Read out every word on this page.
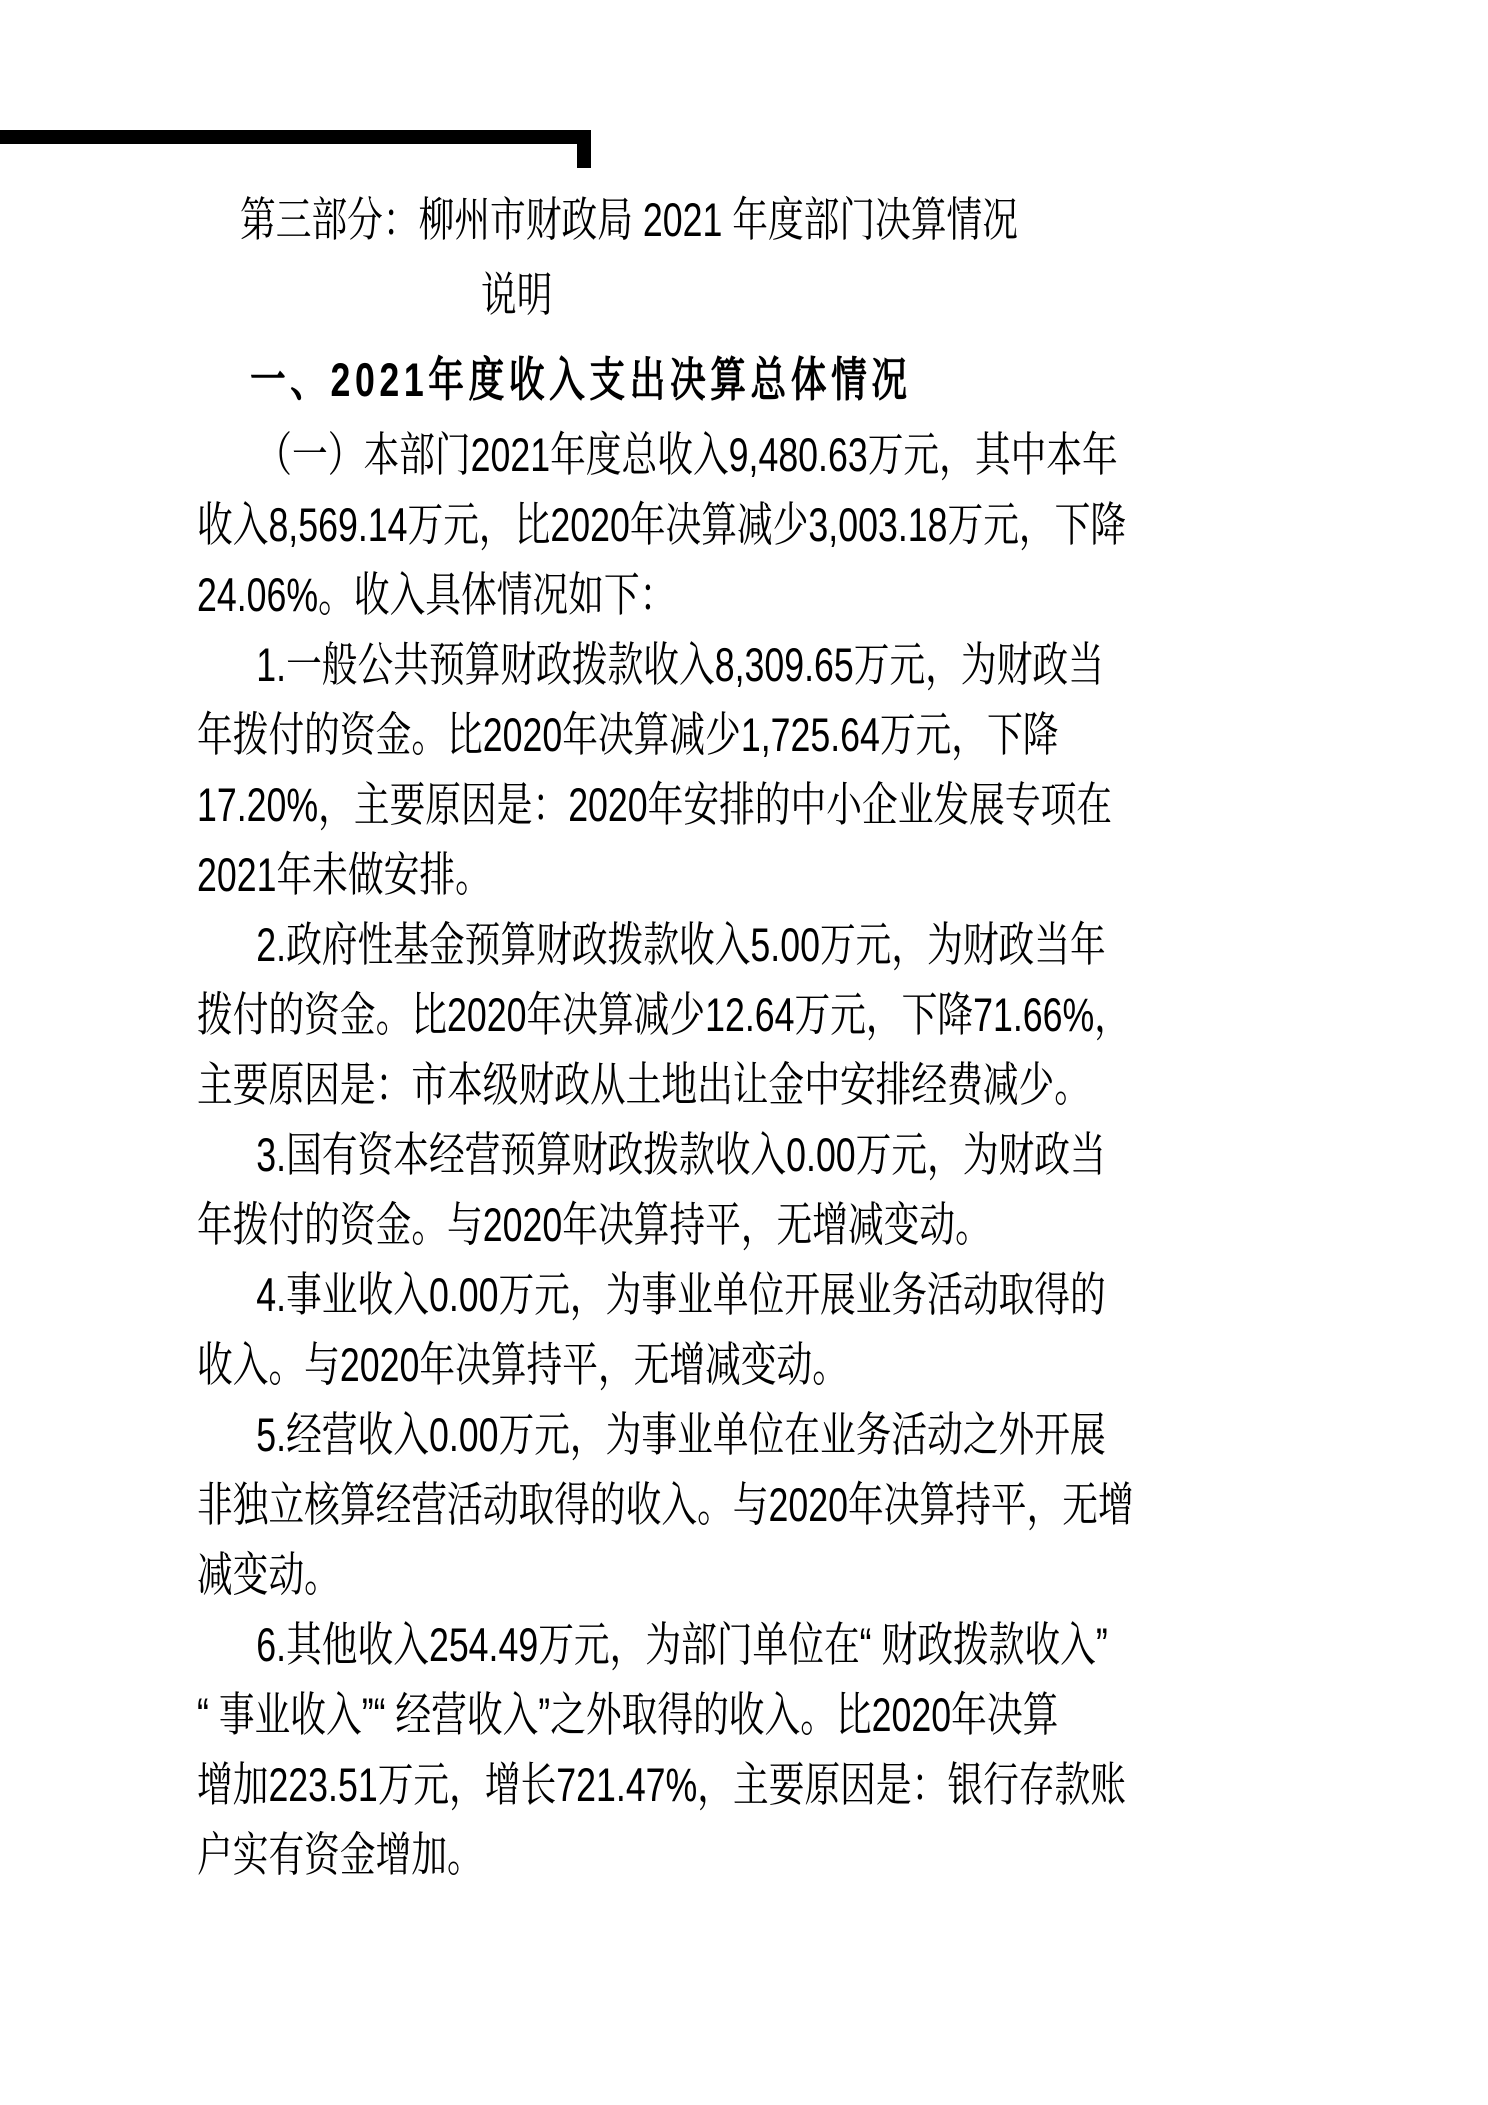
第三部分：柳州市财政局 2021 年度部门决算情况
说明
一、2021年度收入支出决算总体情况
（一）本部门2021年度总收入9,480.63万元，其中本年
收入8,569.14万元，比2020年决算减少3,003.18万元，下降
24.06%。收入具体情况如下：
1.一般公共预算财政拨款收入8,309.65万元，为财政当
年拨付的资金。比2020年决算减少1,725.64万元，下降
17.20%，主要原因是：2020年安排的中小企业发展专项在
2021年未做安排。
2.政府性基金预算财政拨款收入5.00万元，为财政当年
拨付的资金。比2020年决算减少12.64万元，下降71.66%，
主要原因是：市本级财政从土地出让金中安排经费减少。
3.国有资本经营预算财政拨款收入0.00万元，为财政当
年拨付的资金。与2020年决算持平，无增减变动。
4.事业收入0.00万元，为事业单位开展业务活动取得的
收入。与2020年决算持平，无增减变动。
5.经营收入0.00万元，为事业单位在业务活动之外开展
非独立核算经营活动取得的收入。与2020年决算持平，无增
减变动。
6.其他收入254.49万元，为部门单位在“ 财政拨款收入”
“ 事业收入”“ 经营收入”之外取得的收入。比2020年决算
增加223.51万元，增长721.47%，主要原因是：银行存款账
户实有资金增加。
